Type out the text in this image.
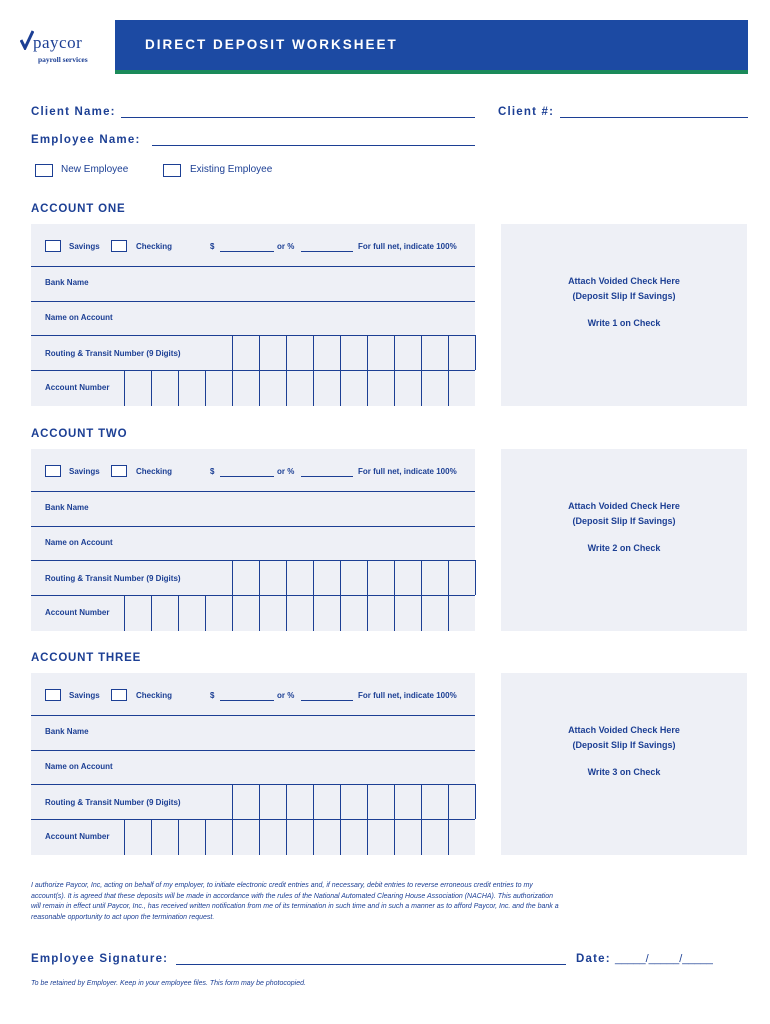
paycor
payroll services
DIRECT DEPOSIT WORKSHEET
Client Name:	Client #:
Employee Name:
New Employee	Existing Employee
ACCOUNT ONE
Savings	Checking	$	or %	For full net, indicate 100%
Bank Name
Name on Account
Routing & Transit Number (9 Digits)
Account Number
Attach Voided Check Here
(Deposit Slip If Savings)
Write 1 on Check
ACCOUNT TWO
Savings	Checking	$	or %	For full net, indicate 100%
Bank Name
Name on Account
Routing & Transit Number (9 Digits)
Account Number
Attach Voided Check Here
(Deposit Slip If Savings)
Write 2 on Check
ACCOUNT THREE
Savings	Checking	$	or %	For full net, indicate 100%
Bank Name
Name on Account
Routing & Transit Number (9 Digits)
Account Number
Attach Voided Check Here
(Deposit Slip If Savings)
Write 3 on Check
I authorize Paycor, Inc, acting on behalf of my employer, to initiate electronic credit entries and, if necessary, debit entries to reverse erroneous credit entries to my account(s). It is agreed that these deposits will be made in accordance with the rules of the National Automated Clearing House Association (NACHA). This authorization will remain in effect until Paycor, Inc., has received written notification from me of its termination in such time and in such a manner as to afford Paycor, Inc. and the bank a reasonable opportunity to act upon the termination request.
Employee Signature:	Date: _____/_____/_____
To be retained by Employer. Keep in your employee files. This form may be photocopied.
